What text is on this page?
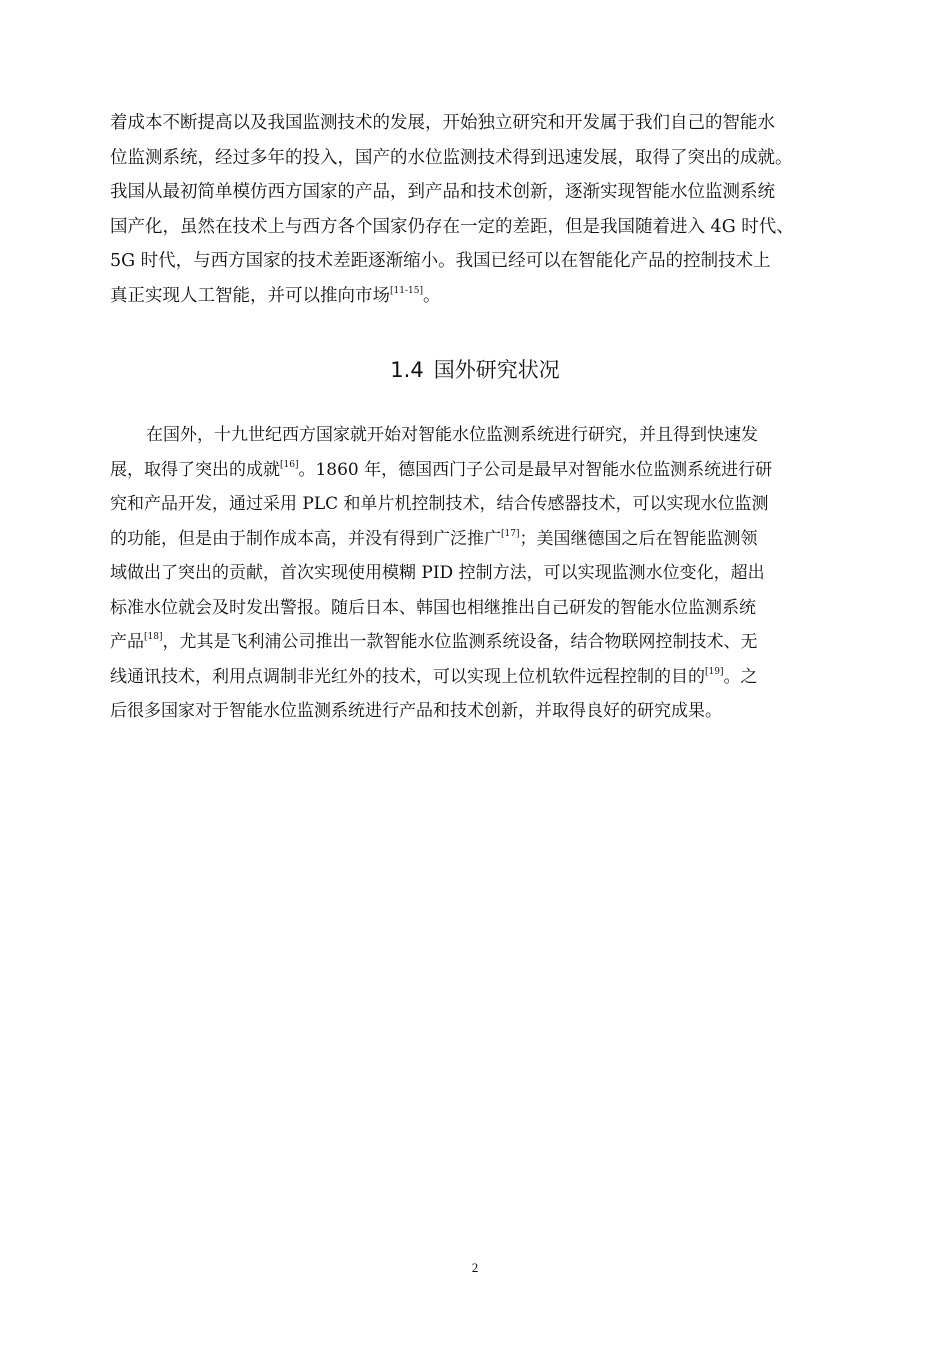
着成本不断提高以及我国监测技术的发展，开始独立研究和开发属于我们自己的智能水
位监测系统，经过多年的投入，国产的水位监测技术得到迅速发展，取得了突出的成就。
我国从最初简单模仿西方国家的产品，到产品和技术创新，逐渐实现智能水位监测系统
国产化，虽然在技术上与西方各个国家仍存在一定的差距，但是我国随着进入 4G 时代、
5G 时代，与西方国家的技术差距逐渐缩小。我国已经可以在智能化产品的控制技术上
真正实现人工智能，并可以推向市场[11-15]。
1.4 国外研究状况
在国外，十九世纪西方国家就开始对智能水位监测系统进行研究，并且得到快速发
展，取得了突出的成就[16]。1860 年，德国西门子公司是最早对智能水位监测系统进行研
究和产品开发，通过采用 PLC 和单片机控制技术，结合传感器技术，可以实现水位监测
的功能，但是由于制作成本高，并没有得到广泛推广[17]；美国继德国之后在智能监测领
域做出了突出的贡献，首次实现使用模糊 PID 控制方法，可以实现监测水位变化，超出
标准水位就会及时发出警报。随后日本、韩国也相继推出自己研发的智能水位监测系统
产品[18]，尤其是飞利浦公司推出一款智能水位监测系统设备，结合物联网控制技术、无
线通讯技术，利用点调制非光红外的技术，可以实现上位机软件远程控制的目的[19]。之
后很多国家对于智能水位监测系统进行产品和技术创新，并取得良好的研究成果。
2
